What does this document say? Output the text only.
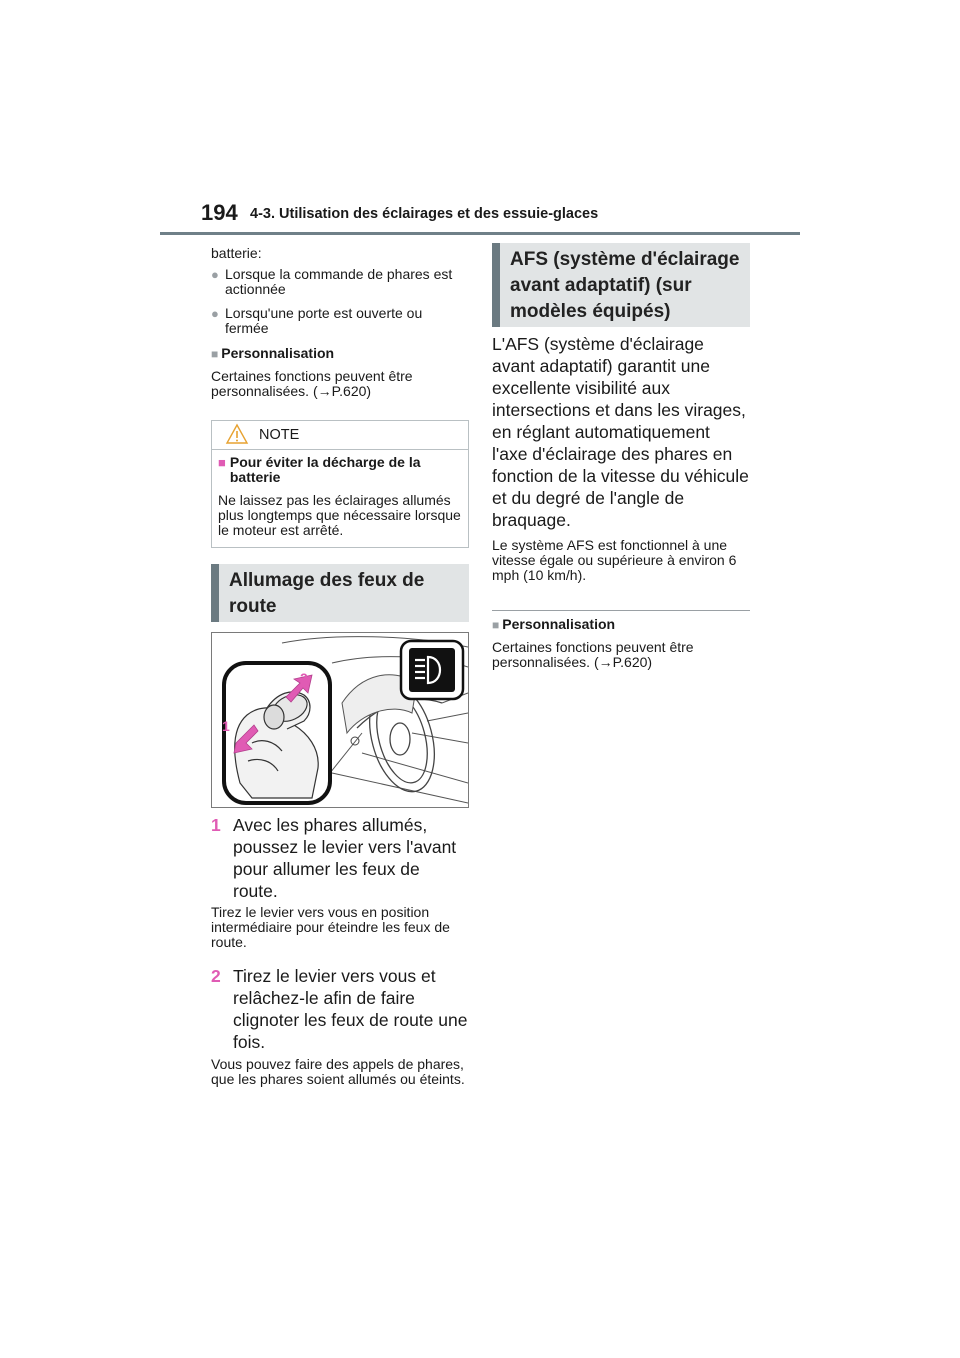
194 4-3. Utilisation des éclairages et des essuie-glaces
batterie:
● Lorsque la commande de phares est actionnée
● Lorsqu'une porte est ouverte ou fermée
■ Personnalisation
Certaines fonctions peuvent être personnalisées. (→P.620)
NOTE
■ Pour éviter la décharge de la batterie
Ne laissez pas les éclairages allumés plus longtemps que nécessaire lorsque le moteur est arrêté.
Allumage des feux de route
1
2
1 Avec les phares allumés, poussez le levier vers l'avant pour allumer les feux de route.
Tirez le levier vers vous en position intermédiaire pour éteindre les feux de route.
2 Tirez le levier vers vous et relâchez-le afin de faire clignoter les feux de route une fois.
Vous pouvez faire des appels de phares, que les phares soient allumés ou éteints.
AFS (système d'éclairage avant adaptatif) (sur modèles équipés)
L'AFS (système d'éclairage avant adaptatif) garantit une excellente visibilité aux intersections et dans les virages, en réglant automatiquement l'axe d'éclairage des phares en fonction de la vitesse du véhicule et du degré de l'angle de braquage.
Le système AFS est fonctionnel à une vitesse égale ou supérieure à environ 6 mph (10 km/h).
■ Personnalisation
Certaines fonctions peuvent être personnalisées. (→P.620)
